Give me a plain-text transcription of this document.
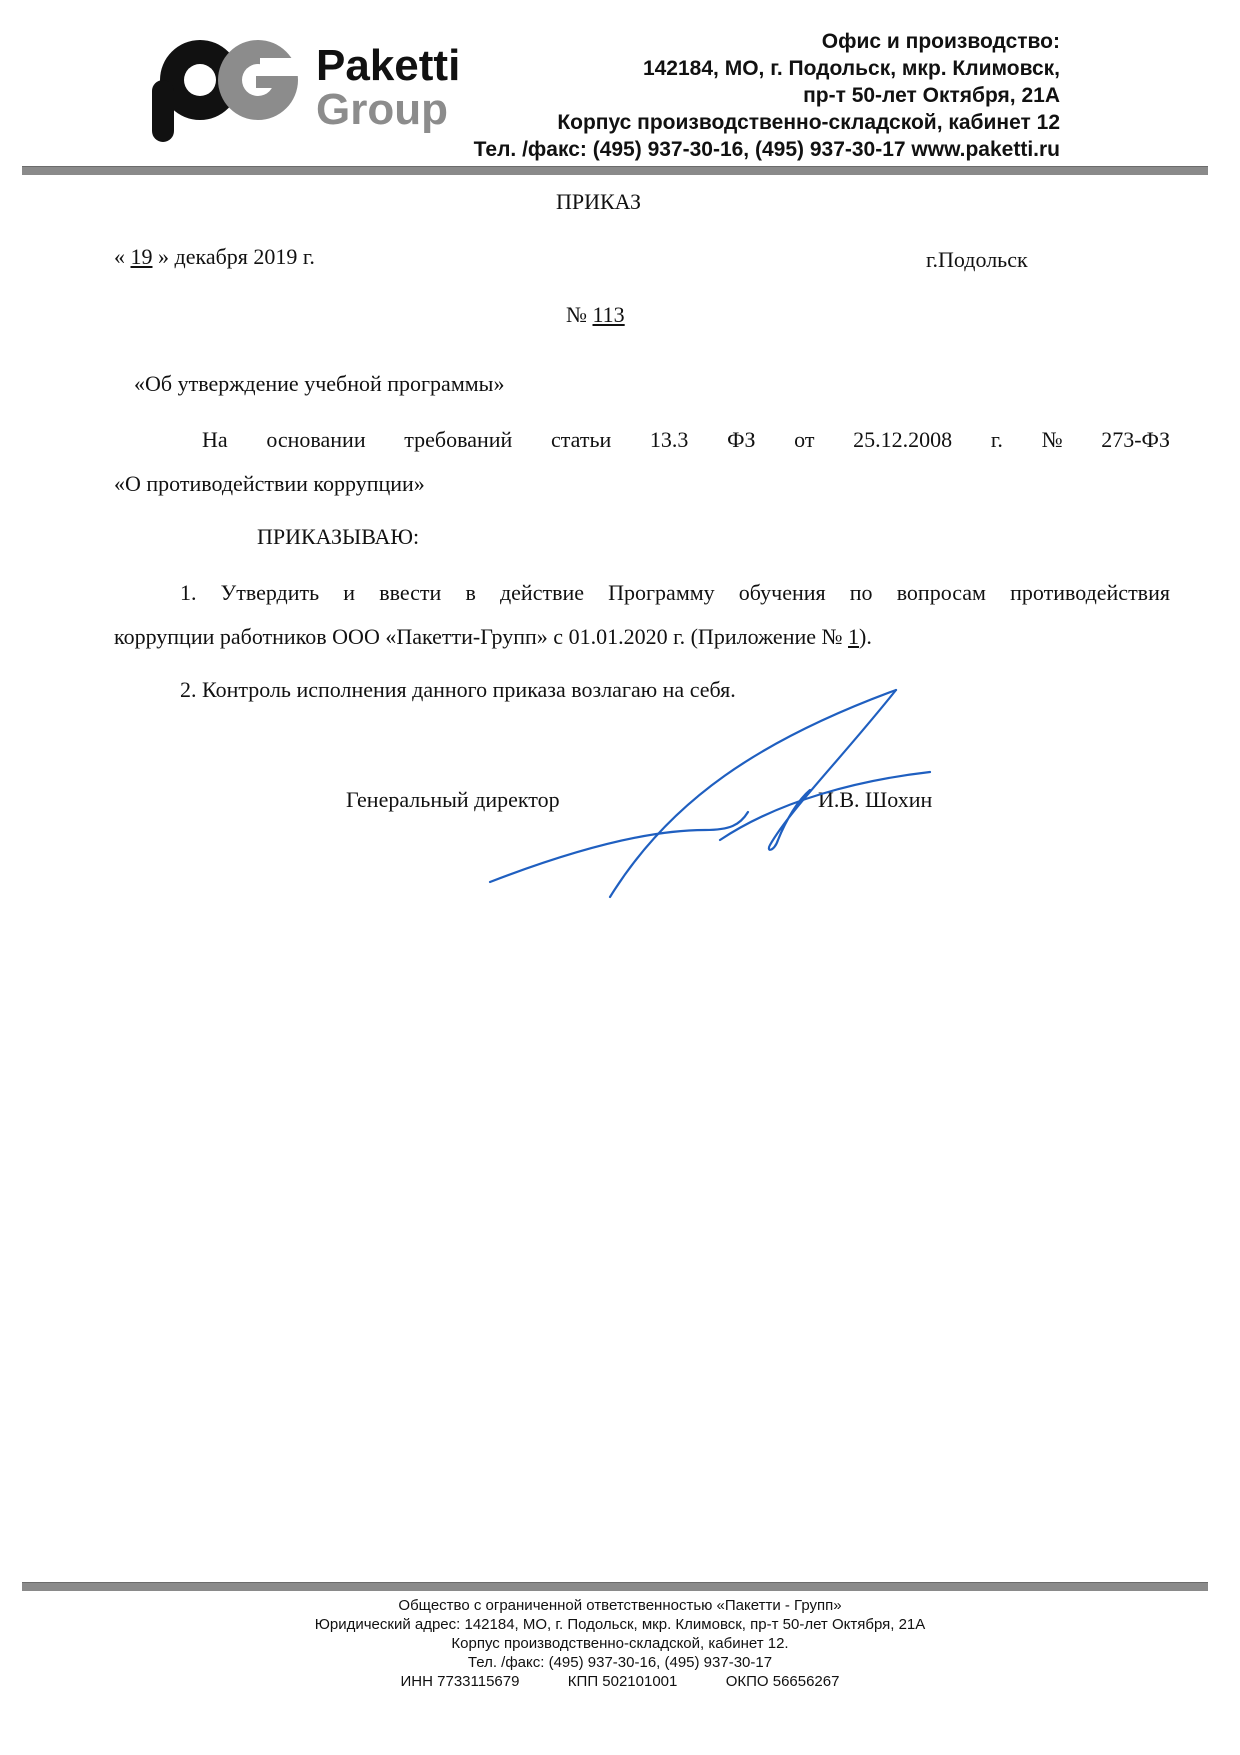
Paketti
Group
Офис и производство:
142184, МО, г. Подольск, мкр. Климовск,
пр-т 50-лет Октября, 21А
Корпус производственно-складской, кабинет 12
Тел. /факс: (495) 937-30-16, (495) 937-30-17 www.paketti.ru
ПРИКАЗ
« 19 » декабря 2019 г.	г.Подольск
№ 113
«Об утверждение учебной программы»
На основании требований статьи 13.3 ФЗ от 25.12.2008 г. № 273-ФЗ
«О противодействии коррупции»
ПРИКАЗЫВАЮ:
1. Утвердить и ввести в действие Программу обучения по вопросам противодействия
коррупции работников ООО «Пакетти-Групп» с 01.01.2020 г. (Приложение № 1).
2. Контроль исполнения данного приказа возлагаю на себя.
Генеральный директор	И.В. Шохин
Общество с ограниченной ответственностью «Пакетти - Групп»
Юридический адрес: 142184, МО, г. Подольск, мкр. Климовск, пр-т 50-лет Октября, 21А
Корпус производственно-складской, кабинет 12.
Тел. /факс: (495) 937-30-16, (495) 937-30-17
ИНН 7733115679	КПП 502101001	ОКПО 56656267
